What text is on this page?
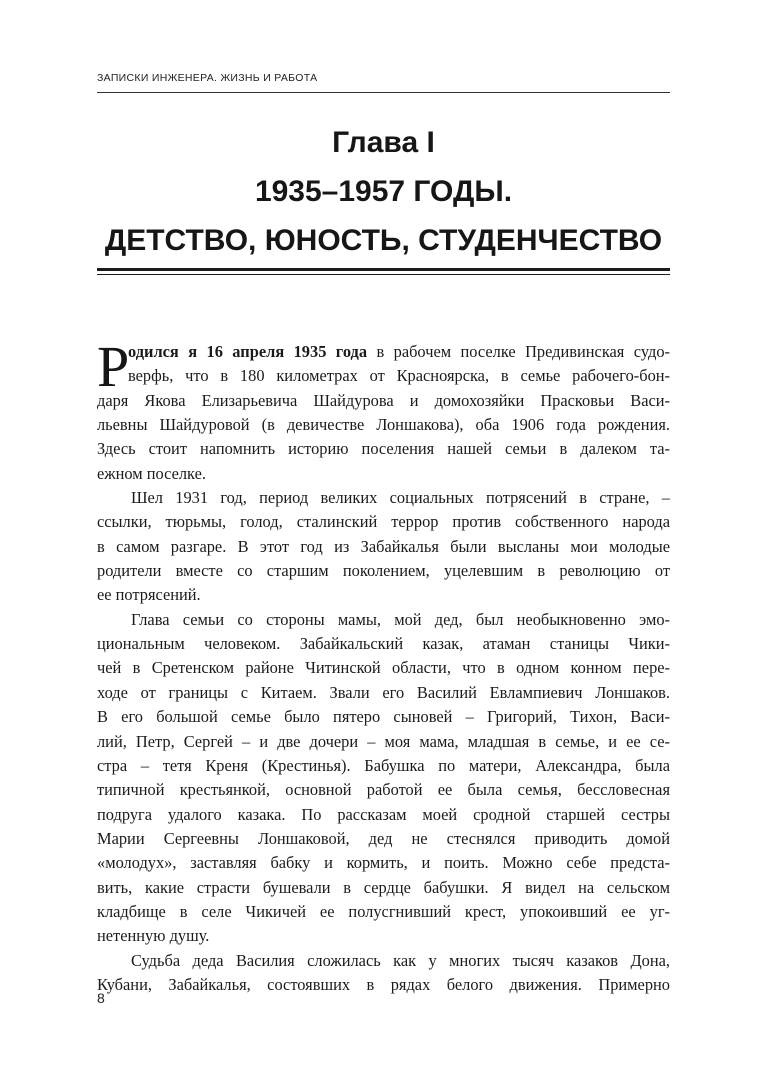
ЗАПИСКИ ИНЖЕНЕРА. ЖИЗНЬ И РАБОТА
Глава I
1935–1957 ГОДЫ.
ДЕТСТВО, ЮНОСТЬ, СТУДЕНЧЕСТВО
Р
одился я 16 апреля 1935 года в рабочем поселке Предивинская судо-
верфь, что в 180 километрах от Красноярска, в семье рабочего-бон-
даря Якова Елизарьевича Шайдурова и домохозяйки Прасковьи Васи-
льевны Шайдуровой (в девичестве Лоншакова), оба 1906 года рождения.
Здесь стоит напомнить историю поселения нашей семьи в далеком та-
ежном поселке.
Шел 1931 год, период великих социальных потрясений в стране, –
ссылки, тюрьмы, голод, сталинский террор против собственного народа
в самом разгаре. В этот год из Забайкалья были высланы мои молодые
родители вместе со старшим поколением, уцелевшим в революцию от
ее потрясений.
Глава семьи со стороны мамы, мой дед, был необыкновенно эмо-
циональным человеком. Забайкальский казак, атаман станицы Чики-
чей в Сретенском районе Читинской области, что в одном конном пере-
ходе от границы с Китаем. Звали его Василий Евлампиевич Лоншаков.
В его большой семье было пятеро сыновей – Григорий, Тихон, Васи-
лий, Петр, Сергей – и две дочери – моя мама, младшая в семье, и ее се-
стра – тетя Креня (Крестинья). Бабушка по матери, Александра, была
типичной крестьянкой, основной работой ее была семья, бессловесная
подруга удалого казака. По рассказам моей сродной старшей сестры
Марии Сергеевны Лоншаковой, дед не стеснялся приводить домой
«молодух», заставляя бабку и кормить, и поить. Можно себе предста-
вить, какие страсти бушевали в сердце бабушки. Я видел на сельском
кладбище в селе Чикичей ее полусгнивший крест, упокоивший ее уг-
нетенную душу.
Судьба деда Василия сложилась как у многих тысяч казаков Дона,
Кубани, Забайкалья, состоявших в рядах белого движения. Примерно
8
